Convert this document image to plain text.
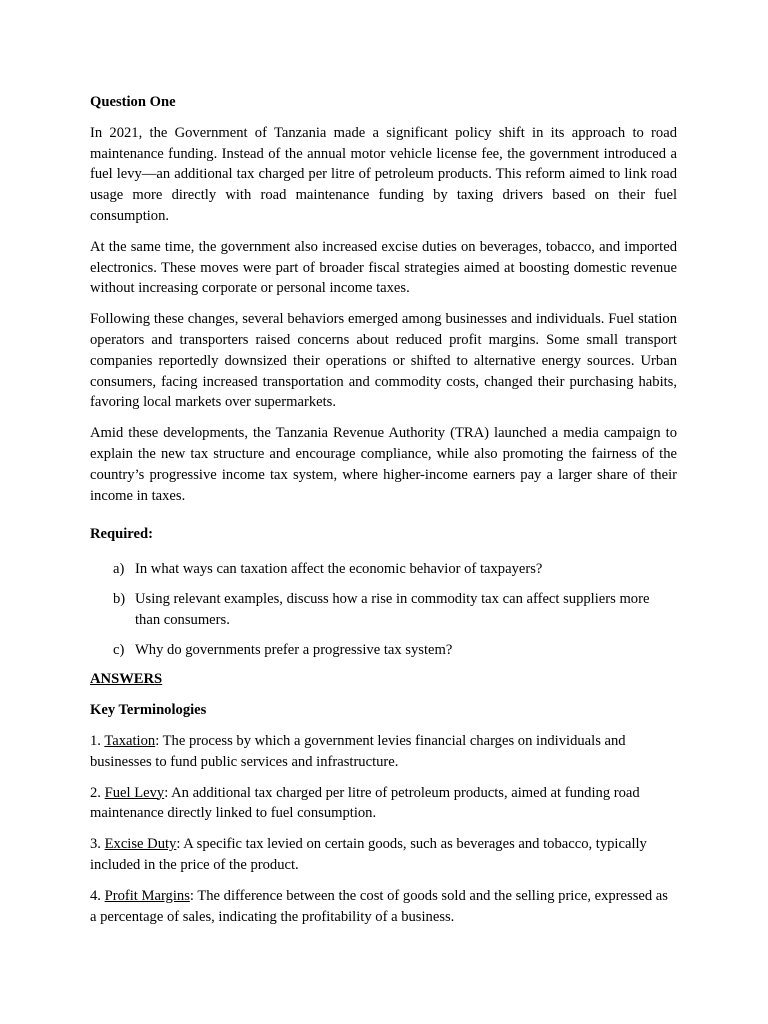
Question One

In 2021, the Government of Tanzania made a significant policy shift in its approach to road maintenance funding. Instead of the annual motor vehicle license fee, the government introduced a fuel levy—an additional tax charged per litre of petroleum products. This reform aimed to link road usage more directly with road maintenance funding by taxing drivers based on their fuel consumption.

At the same time, the government also increased excise duties on beverages, tobacco, and imported electronics. These moves were part of broader fiscal strategies aimed at boosting domestic revenue without increasing corporate or personal income taxes.

Following these changes, several behaviors emerged among businesses and individuals. Fuel station operators and transporters raised concerns about reduced profit margins. Some small transport companies reportedly downsized their operations or shifted to alternative energy sources. Urban consumers, facing increased transportation and commodity costs, changed their purchasing habits, favoring local markets over supermarkets.

Amid these developments, the Tanzania Revenue Authority (TRA) launched a media campaign to explain the new tax structure and encourage compliance, while also promoting the fairness of the country’s progressive income tax system, where higher-income earners pay a larger share of their income in taxes.

Required:
a) In what ways can taxation affect the economic behavior of taxpayers?
b) Using relevant examples, discuss how a rise in commodity tax can affect suppliers more than consumers.
c) Why do governments prefer a progressive tax system?
ANSWERS
Key Terminologies

1. Taxation: The process by which a government levies financial charges on individuals and businesses to fund public services and infrastructure.

2. Fuel Levy: An additional tax charged per litre of petroleum products, aimed at funding road maintenance directly linked to fuel consumption.

3. Excise Duty: A specific tax levied on certain goods, such as beverages and tobacco, typically included in the price of the product.

4. Profit Margins: The difference between the cost of goods sold and the selling price, expressed as a percentage of sales, indicating the profitability of a business.
